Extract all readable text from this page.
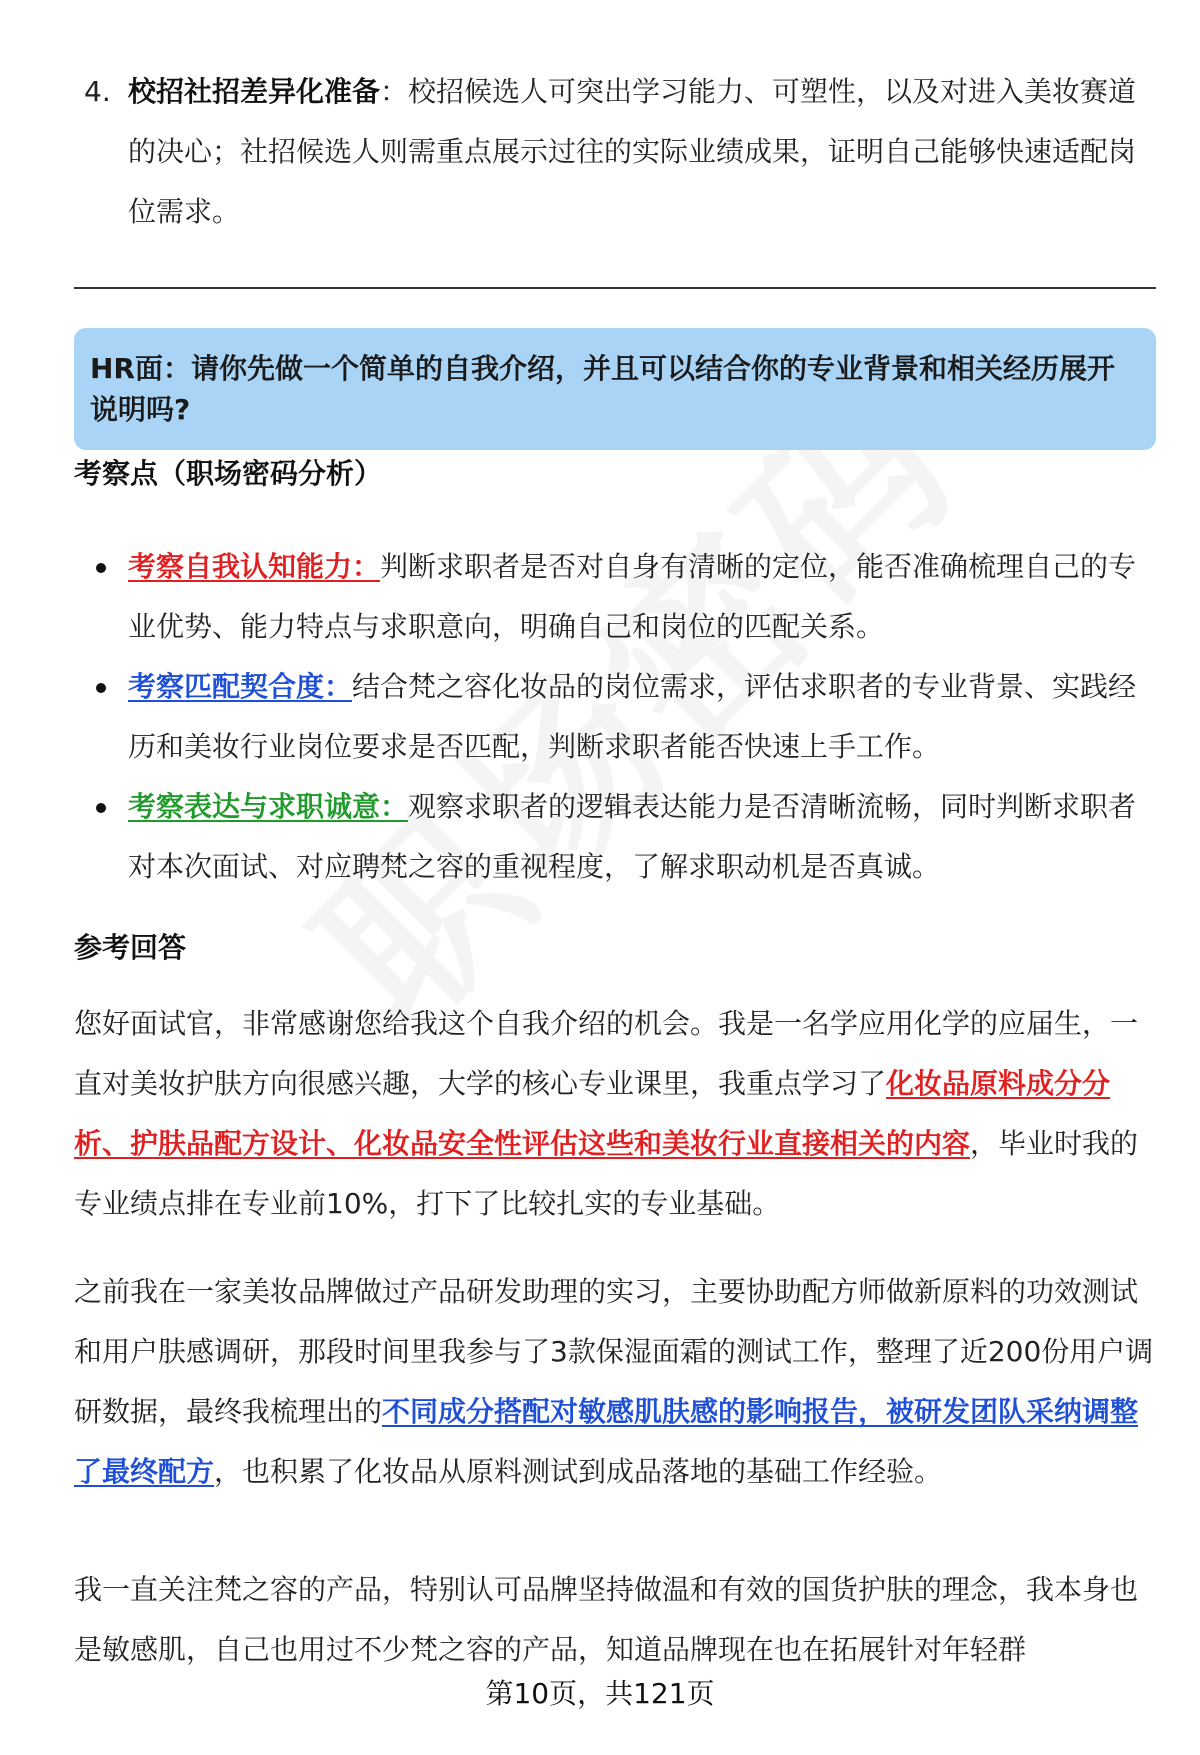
4. 校招社招差异化准备：校招候选人可突出学习能力、可塑性，以及对进入美妆赛道的决心；社招候选人则需重点展示过往的实际业绩成果，证明自己能够快速适配岗位需求。
HR面：请你先做一个简单的自我介绍，并且可以结合你的专业背景和相关经历展开说明吗?
考察点（职场密码分析）
考察自我认知能力：判断求职者是否对自身有清晰的定位，能否准确梳理自己的专业优势、能力特点与求职意向，明确自己和岗位的匹配关系。
考察匹配契合度：结合梵之容化妆品的岗位需求，评估求职者的专业背景、实践经历和美妆行业岗位要求是否匹配，判断求职者能否快速上手工作。
考察表达与求职诚意：观察求职者的逻辑表达能力是否清晰流畅，同时判断求职者对本次面试、对应聘梵之容的重视程度，了解求职动机是否真诚。
参考回答
您好面试官，非常感谢您给我这个自我介绍的机会。我是一名学应用化学的应届生，一直对美妆护肤方向很感兴趣，大学的核心专业课里，我重点学习了化妆品原料成分分析、护肤品配方设计、化妆品安全性评估这些和美妆行业直接相关的内容，毕业时我的专业绩点排在专业前10%，打下了比较扎实的专业基础。
之前我在一家美妆品牌做过产品研发助理的实习，主要协助配方师做新原料的功效测试和用户肤感调研，那段时间里我参与了3款保湿面霜的测试工作，整理了近200份用户调研数据，最终我梳理出的不同成分搭配对敏感肌肤感的影响报告，被研发团队采纳调整了最终配方，也积累了化妆品从原料测试到成品落地的基础工作经验。
我一直关注梵之容的产品，特别认可品牌坚持做温和有效的国货护肤的理念，我本身也是敏感肌，自己也用过不少梵之容的产品，知道品牌现在也在拓展针对年轻群
第10页，共121页
